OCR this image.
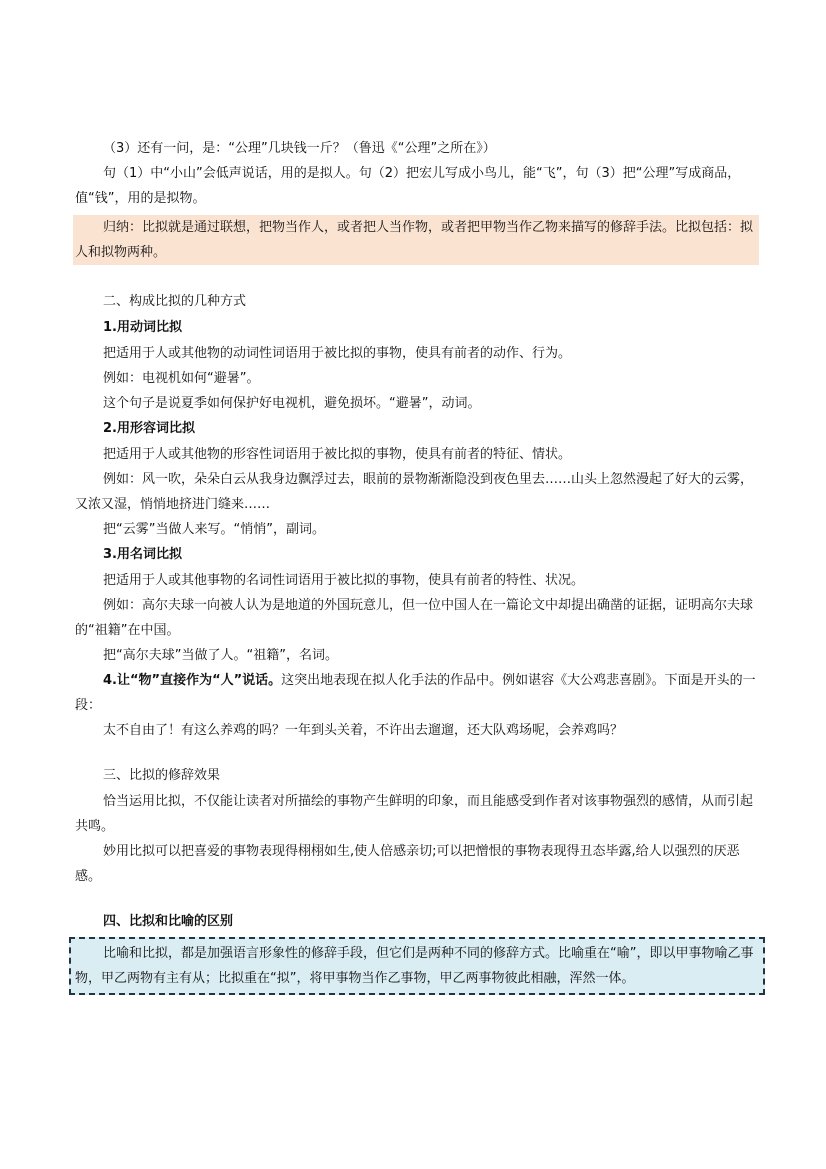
（3）还有一问，是：“公理”几块钱一斤？（鲁迅《“公理”之所在》）

句（1）中“小山”会低声说话，用的是拟人。句（2）把宏儿写成小鸟儿，能“飞”，句（3）把“公理”写成商品，值“钱”，用的是拟物。

归纳：比拟就是通过联想，把物当作人，或者把人当作物，或者把甲物当作乙物来描写的修辞手法。比拟包括：拟人和拟物两种。

二、构成比拟的几种方式

1.用动词比拟

把适用于人或其他物的动词性词语用于被比拟的事物，使具有前者的动作、行为。

例如：电视机如何“避暑”。

这个句子是说夏季如何保护好电视机，避免损坏。“避暑”，动词。

2.用形容词比拟

把适用于人或其他物的形容性词语用于被比拟的事物，使具有前者的特征、情状。

例如：风一吹，朵朵白云从我身边飘浮过去，眼前的景物渐渐隐没到夜色里去……山头上忽然漫起了好大的云雾，又浓又湿，悄悄地挤进门缝来……

把“云雾”当做人来写。“悄悄”，副词。

3.用名词比拟

把适用于人或其他事物的名词性词语用于被比拟的事物，使具有前者的特性、状况。

例如：高尔夫球一向被人认为是地道的外国玩意儿，但一位中国人在一篇论文中却提出确凿的证据，证明高尔夫球的“祖籍”在中国。

把“高尔夫球”当做了人。“祖籍”，名词。

4.让“物”直接作为“人”说话。这突出地表现在拟人化手法的作品中。例如谌容《大公鸡悲喜剧》。下面是开头的一段：

太不自由了！有这么养鸡的吗？一年到头关着，不许出去遛遛，还大队鸡场呢，会养鸡吗？

三、比拟的修辞效果

恰当运用比拟，不仅能让读者对所描绘的事物产生鲜明的印象，而且能感受到作者对该事物强烈的感情，从而引起共鸣。

妙用比拟可以把喜爱的事物表现得栩栩如生,使人倍感亲切;可以把憎恨的事物表现得丑态毕露,给人以强烈的厌恶感。

四、比拟和比喻的区别

比喻和比拟，都是加强语言形象性的修辞手段，但它们是两种不同的修辞方式。比喻重在“喻”，即以甲事物喻乙事物，甲乙两物有主有从；比拟重在“拟”，将甲事物当作乙事物，甲乙两事物彼此相融，浑然一体。
